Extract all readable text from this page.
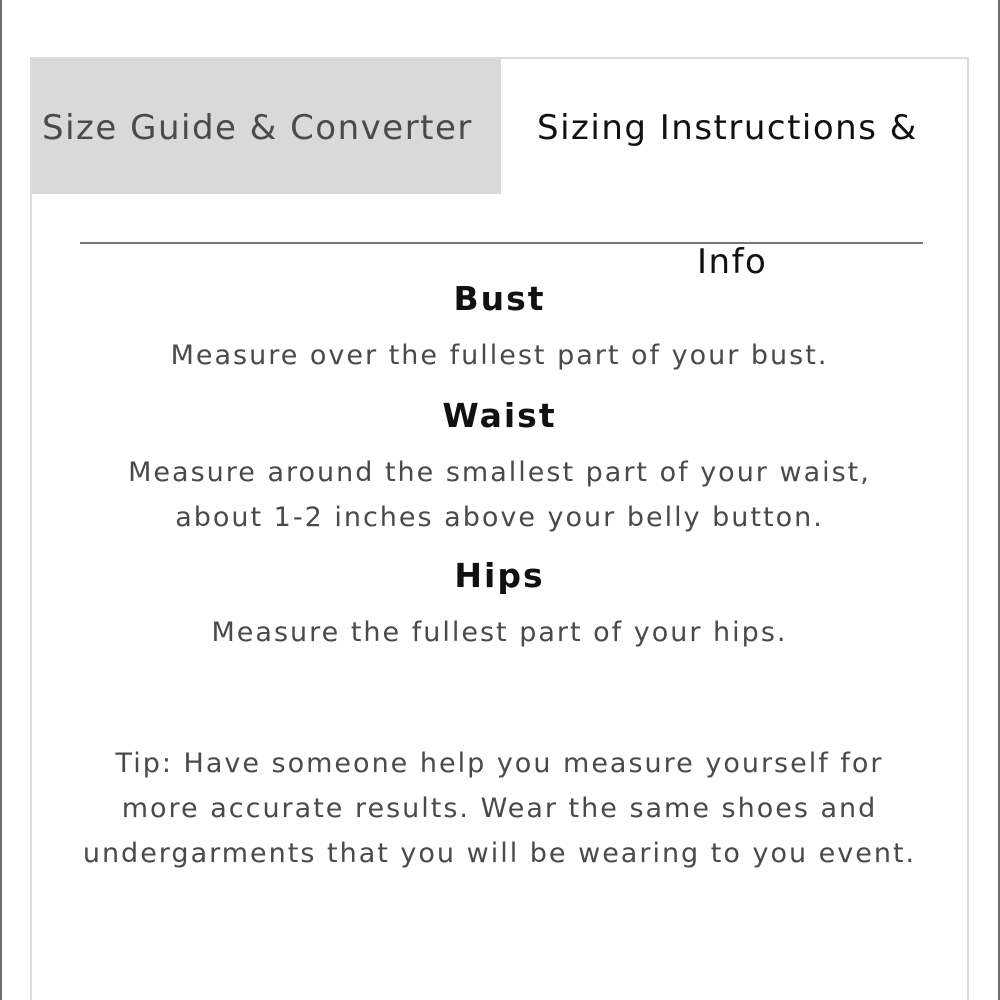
Size Guide & Converter	Sizing Instructions &
Info
Bust

Measure over the fullest part of your bust.

Waist

Measure around the smallest part of your waist, about 1-2 inches above your belly button.

Hips

Measure the fullest part of your hips.

Tip: Have someone help you measure yourself for more accurate results. Wear the same shoes and undergarments that you will be wearing to you event.
